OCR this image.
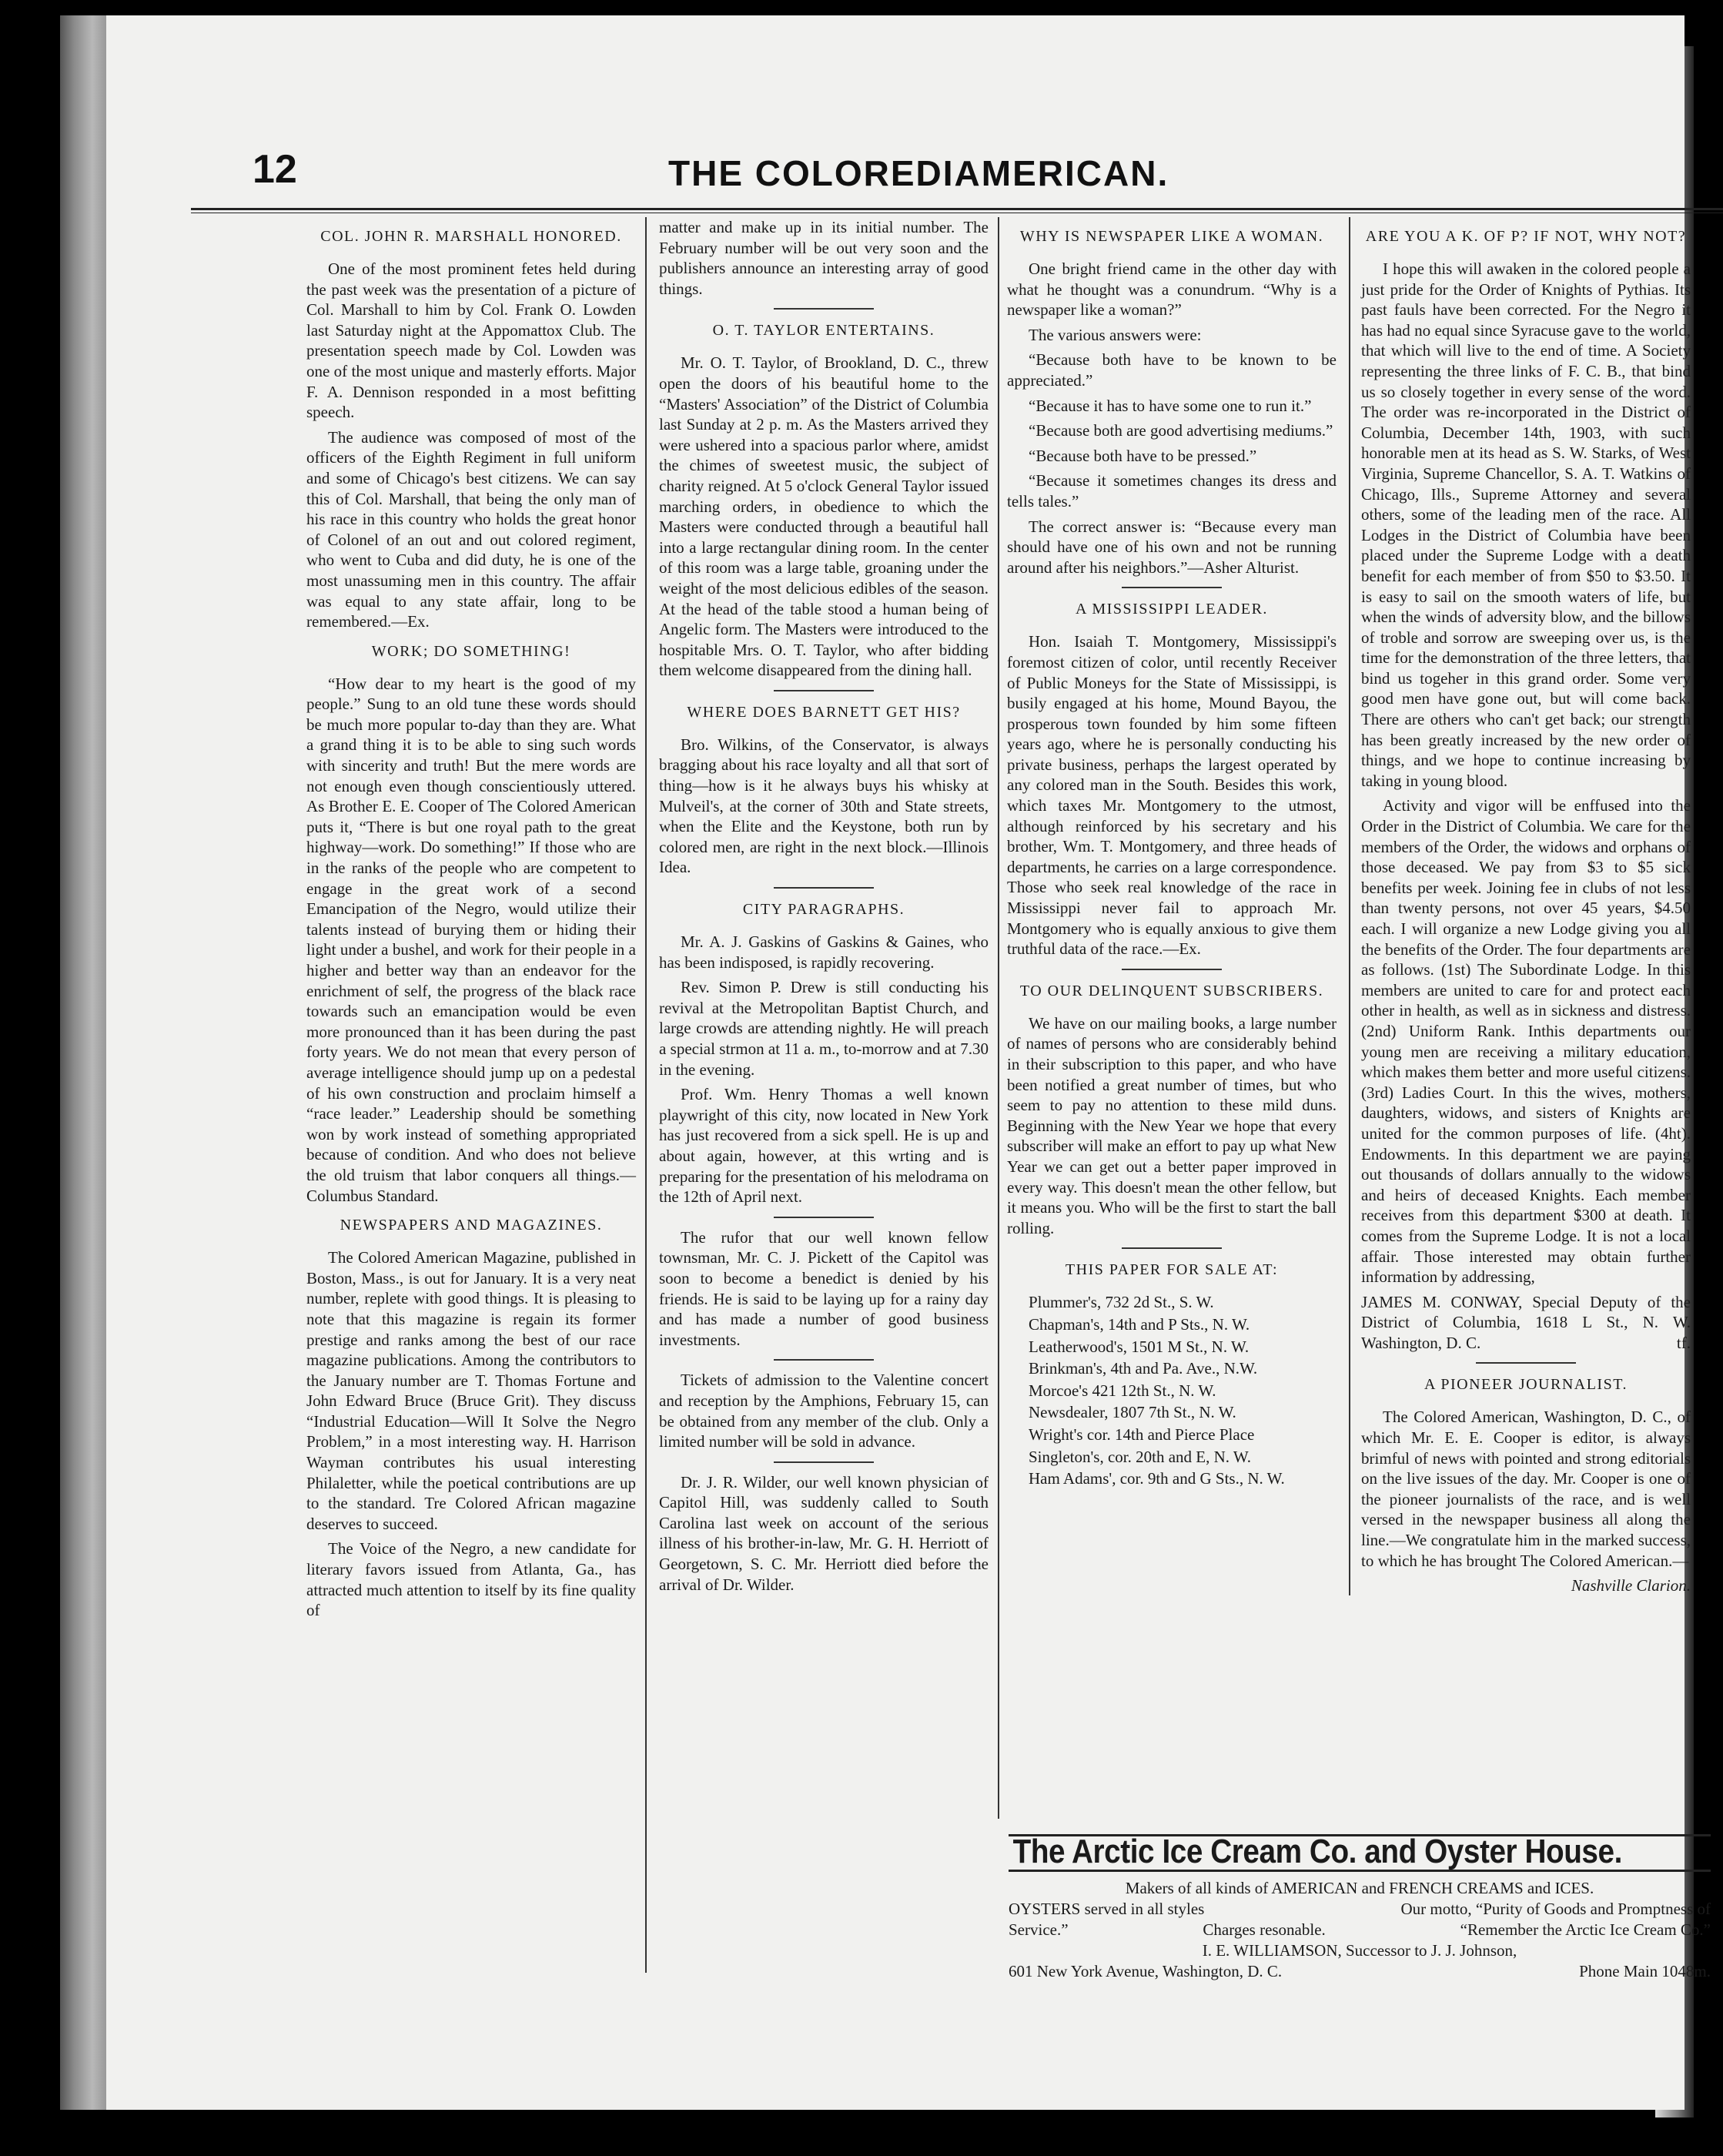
12	THE COLOREDIAMERICAN.
COL. JOHN R. MARSHALL HONORED.

One of the most prominent fetes held during the past week was the presentation of a picture of Col. Marshall to him by Col. Frank O. Lowden last Saturday night at the Appomattox Club. The presentation speech made by Col. Lowden was one of the most unique and masterly efforts. Major F. A. Dennison responded in a most befitting speech.

The audience was composed of most of the officers of the Eighth Regiment in full uniform and some of Chicago's best citizens. We can say this of Col. Marshall, that being the only man of his race in this country who holds the great honor of Colonel of an out and out colored regiment, who went to Cuba and did duty, he is one of the most unassuming men in this country. The affair was equal to any state affair, long to be remembered.—Ex.

WORK; DO SOMETHING!

“How dear to my heart is the good of my people.” Sung to an old tune these words should be much more popular to-day than they are. What a grand thing it is to be able to sing such words with sincerity and truth! But the mere words are not enough even though conscientiously uttered. As Brother E. E. Cooper of The Colored American puts it, “There is but one royal path to the great highway—work. Do something!” If those who are in the ranks of the people who are competent to engage in the great work of a second Emancipation of the Negro, would utilize their talents instead of burying them or hiding their light under a bushel, and work for their people in a higher and better way than an endeavor for the enrichment of self, the progress of the black race towards such an emancipation would be even more pronounced than it has been during the past forty years. We do not mean that every person of average intelligence should jump up on a pedestal of his own construction and proclaim himself a “race leader.” Leadership should be something won by work instead of something appropriated because of condition. And who does not believe the old truism that labor conquers all things.—Columbus Standard.

NEWSPAPERS AND MAGAZINES.

The Colored American Magazine, published in Boston, Mass., is out for January. It is a very neat number, replete with good things. It is pleasing to note that this magazine is regain its former prestige and ranks among the best of our race magazine publications. Among the contributors to the January number are T. Thomas Fortune and John Edward Bruce (Bruce Grit). They discuss “Industrial Education—Will It Solve the Negro Problem,” in a most interesting way. H. Harrison Wayman contributes his usual interesting Philaletter, while the poetical contributions are up to the standard. Tre Colored African magazine deserves to succeed.

The Voice of the Negro, a new candidate for literary favors issued from Atlanta, Ga., has attracted much attention to itself by its fine quality of

matter and make up in its initial number. The February number will be out very soon and the publishers announce an interesting array of good things.

O. T. TAYLOR ENTERTAINS.

Mr. O. T. Taylor, of Brookland, D. C., threw open the doors of his beautiful home to the “Masters' Association” of the District of Columbia last Sunday at 2 p. m. As the Masters arrived they were ushered into a spacious parlor where, amidst the chimes of sweetest music, the subject of charity reigned. At 5 o'clock General Taylor issued marching orders, in obedience to which the Masters were conducted through a beautiful hall into a large rectangular dining room. In the center of this room was a large table, groaning under the weight of the most delicious edibles of the season. At the head of the table stood a human being of Angelic form. The Masters were introduced to the hospitable Mrs. O. T. Taylor, who after bidding them welcome disappeared from the dining hall.

WHERE DOES BARNETT GET HIS?

Bro. Wilkins, of the Conservator, is always bragging about his race loyalty and all that sort of thing—how is it he always buys his whisky at Mulveil's, at the corner of 30th and State streets, when the Elite and the Keystone, both run by colored men, are right in the next block.—Illinois Idea.

CITY PARAGRAPHS.

Mr. A. J. Gaskins of Gaskins & Gaines, who has been indisposed, is rapidly recovering.

Rev. Simon P. Drew is still conducting his revival at the Metropolitan Baptist Church, and large crowds are attending nightly. He will preach a special strmon at 11 a. m., to-morrow and at 7.30 in the evening.

Prof. Wm. Henry Thomas a well known playwright of this city, now located in New York has just recovered from a sick spell. He is up and about again, however, at this wrting and is preparing for the presentation of his melodrama on the 12th of April next.

The rufor that our well known fellow townsman, Mr. C. J. Pickett of the Capitol was soon to become a benedict is denied by his friends. He is said to be laying up for a rainy day and has made a number of good business investments.

Tickets of admission to the Valentine concert and reception by the Amphions, February 15, can be obtained from any member of the club. Only a limited number will be sold in advance.

Dr. J. R. Wilder, our well known physician of Capitol Hill, was suddenly called to South Carolina last week on account of the serious illness of his brother-in-law, Mr. G. H. Herriott of Georgetown, S. C. Mr. Herriott died before the arrival of Dr. Wilder.

WHY IS NEWSPAPER LIKE A WOMAN.

One bright friend came in the other day with what he thought was a conundrum. “Why is a newspaper like a woman?”

The various answers were:

“Because both have to be known to be appreciated.”

“Because it has to have some one to run it.”

“Because both are good advertising mediums.”

“Because both have to be pressed.”

“Because it sometimes changes its dress and tells tales.”

The correct answer is: “Because every man should have one of his own and not be running around after his neighbors.”—Asher Alturist.

A MISSISSIPPI LEADER.

Hon. Isaiah T. Montgomery, Mississippi's foremost citizen of color, until recently Receiver of Public Moneys for the State of Mississippi, is busily engaged at his home, Mound Bayou, the prosperous town founded by him some fifteen years ago, where he is personally conducting his private business, perhaps the largest operated by any colored man in the South. Besides this work, which taxes Mr. Montgomery to the utmost, although reinforced by his secretary and his brother, Wm. T. Montgomery, and three heads of departments, he carries on a large correspondence. Those who seek real knowledge of the race in Mississippi never fail to approach Mr. Montgomery who is equally anxious to give them truthful data of the race.—Ex.

TO OUR DELINQUENT SUBSCRIBERS.

We have on our mailing books, a large number of names of persons who are considerably behind in their subscription to this paper, and who have been notified a great number of times, but who seem to pay no attention to these mild duns. Beginning with the New Year we hope that every subscriber will make an effort to pay up what New Year we can get out a better paper improved in every way. This doesn't mean the other fellow, but it means you. Who will be the first to start the ball rolling.

THIS PAPER FOR SALE AT:

Plummer's, 732 2d St., S. W.

Chapman's, 14th and P Sts., N. W.

Leatherwood's, 1501 M St., N. W.

Brinkman's, 4th and Pa. Ave., N.W.

Morcoe's 421 12th St., N. W.

Newsdealer, 1807 7th St., N. W.

Wright's cor. 14th and Pierce Place

Singleton's, cor. 20th and E, N. W.

Ham Adams', cor. 9th and G Sts., N. W.

ARE YOU A K. OF P? IF NOT, WHY NOT?

I hope this will awaken in the colored people a just pride for the Order of Knights of Pythias. Its past fauls have been corrected. For the Negro it has had no equal since Syracuse gave to the world, that which will live to the end of time. A Society representing the three links of F. C. B., that bind us so closely together in every sense of the word. The order was re-incorporated in the District of Columbia, December 14th, 1903, with such honorable men at its head as S. W. Starks, of West Virginia, Supreme Chancellor, S. A. T. Watkins of Chicago, Ills., Supreme Attorney and several others, some of the leading men of the race. All Lodges in the District of Columbia have been placed under the Supreme Lodge with a death benefit for each member of from $50 to $3.50. It is easy to sail on the smooth waters of life, but when the winds of adversity blow, and the billows of troble and sorrow are sweeping over us, is the time for the demonstration of the three letters, that bind us togeher in this grand order. Some very good men have gone out, but will come back. There are others who can't get back; our strength has been greatly increased by the new order of things, and we hope to continue increasing by taking in young blood.

Activity and vigor will be enffused into the Order in the District of Columbia. We care for the members of the Order, the widows and orphans of those deceased. We pay from $3 to $5 sick benefits per week. Joining fee in clubs of not less than twenty persons, not over 45 years, $4.50 each. I will organize a new Lodge giving you all the benefits of the Order. The four departments are as follows. (1st) The Subordinate Lodge. In this members are united to care for and protect each other in health, as well as in sickness and distress. (2nd) Uniform Rank. Inthis departments our young men are receiving a military education, which makes them better and more useful citizens. (3rd) Ladies Court. In this the wives, mothers, daughters, widows, and sisters of Knights are united for the common purposes of life. (4ht). Endowments. In this department we are paying out thousands of dollars annually to the widows and heirs of deceased Knights. Each member receives from this department $300 at death. It comes from the Supreme Lodge. It is not a local affair. Those interested may obtain further information by addressing,

JAMES M. CONWAY, Special Deputy of the District of Columbia, 1618 L St., N. W. Washington, D. C.	tf.

A PIONEER JOURNALIST.

The Colored American, Washington, D. C., of which Mr. E. E. Cooper is editor, is always brimful of news with pointed and strong editorials on the live issues of the day. Mr. Cooper is one of the pioneer journalists of the race, and is well versed in the newspaper business all along the line.—We congratulate him in the marked success, to which he has brought The Colored American.—

Nashville Clarion.

The Arctic Ice Cream Co. and Oyster House.

Makers of all kinds of AMERICAN and FRENCH CREAMS and ICES.

OYSTERS served in all styles	Our motto, “Purity of Goods and Promptness of
Service.”	Charges resonable.	“Remember the Arctic Ice Cream Co.”

I. E. WILLIAMSON, Successor to J. J. Johnson,

601 New York Avenue, Washington, D. C.	Phone Main 1048m.
